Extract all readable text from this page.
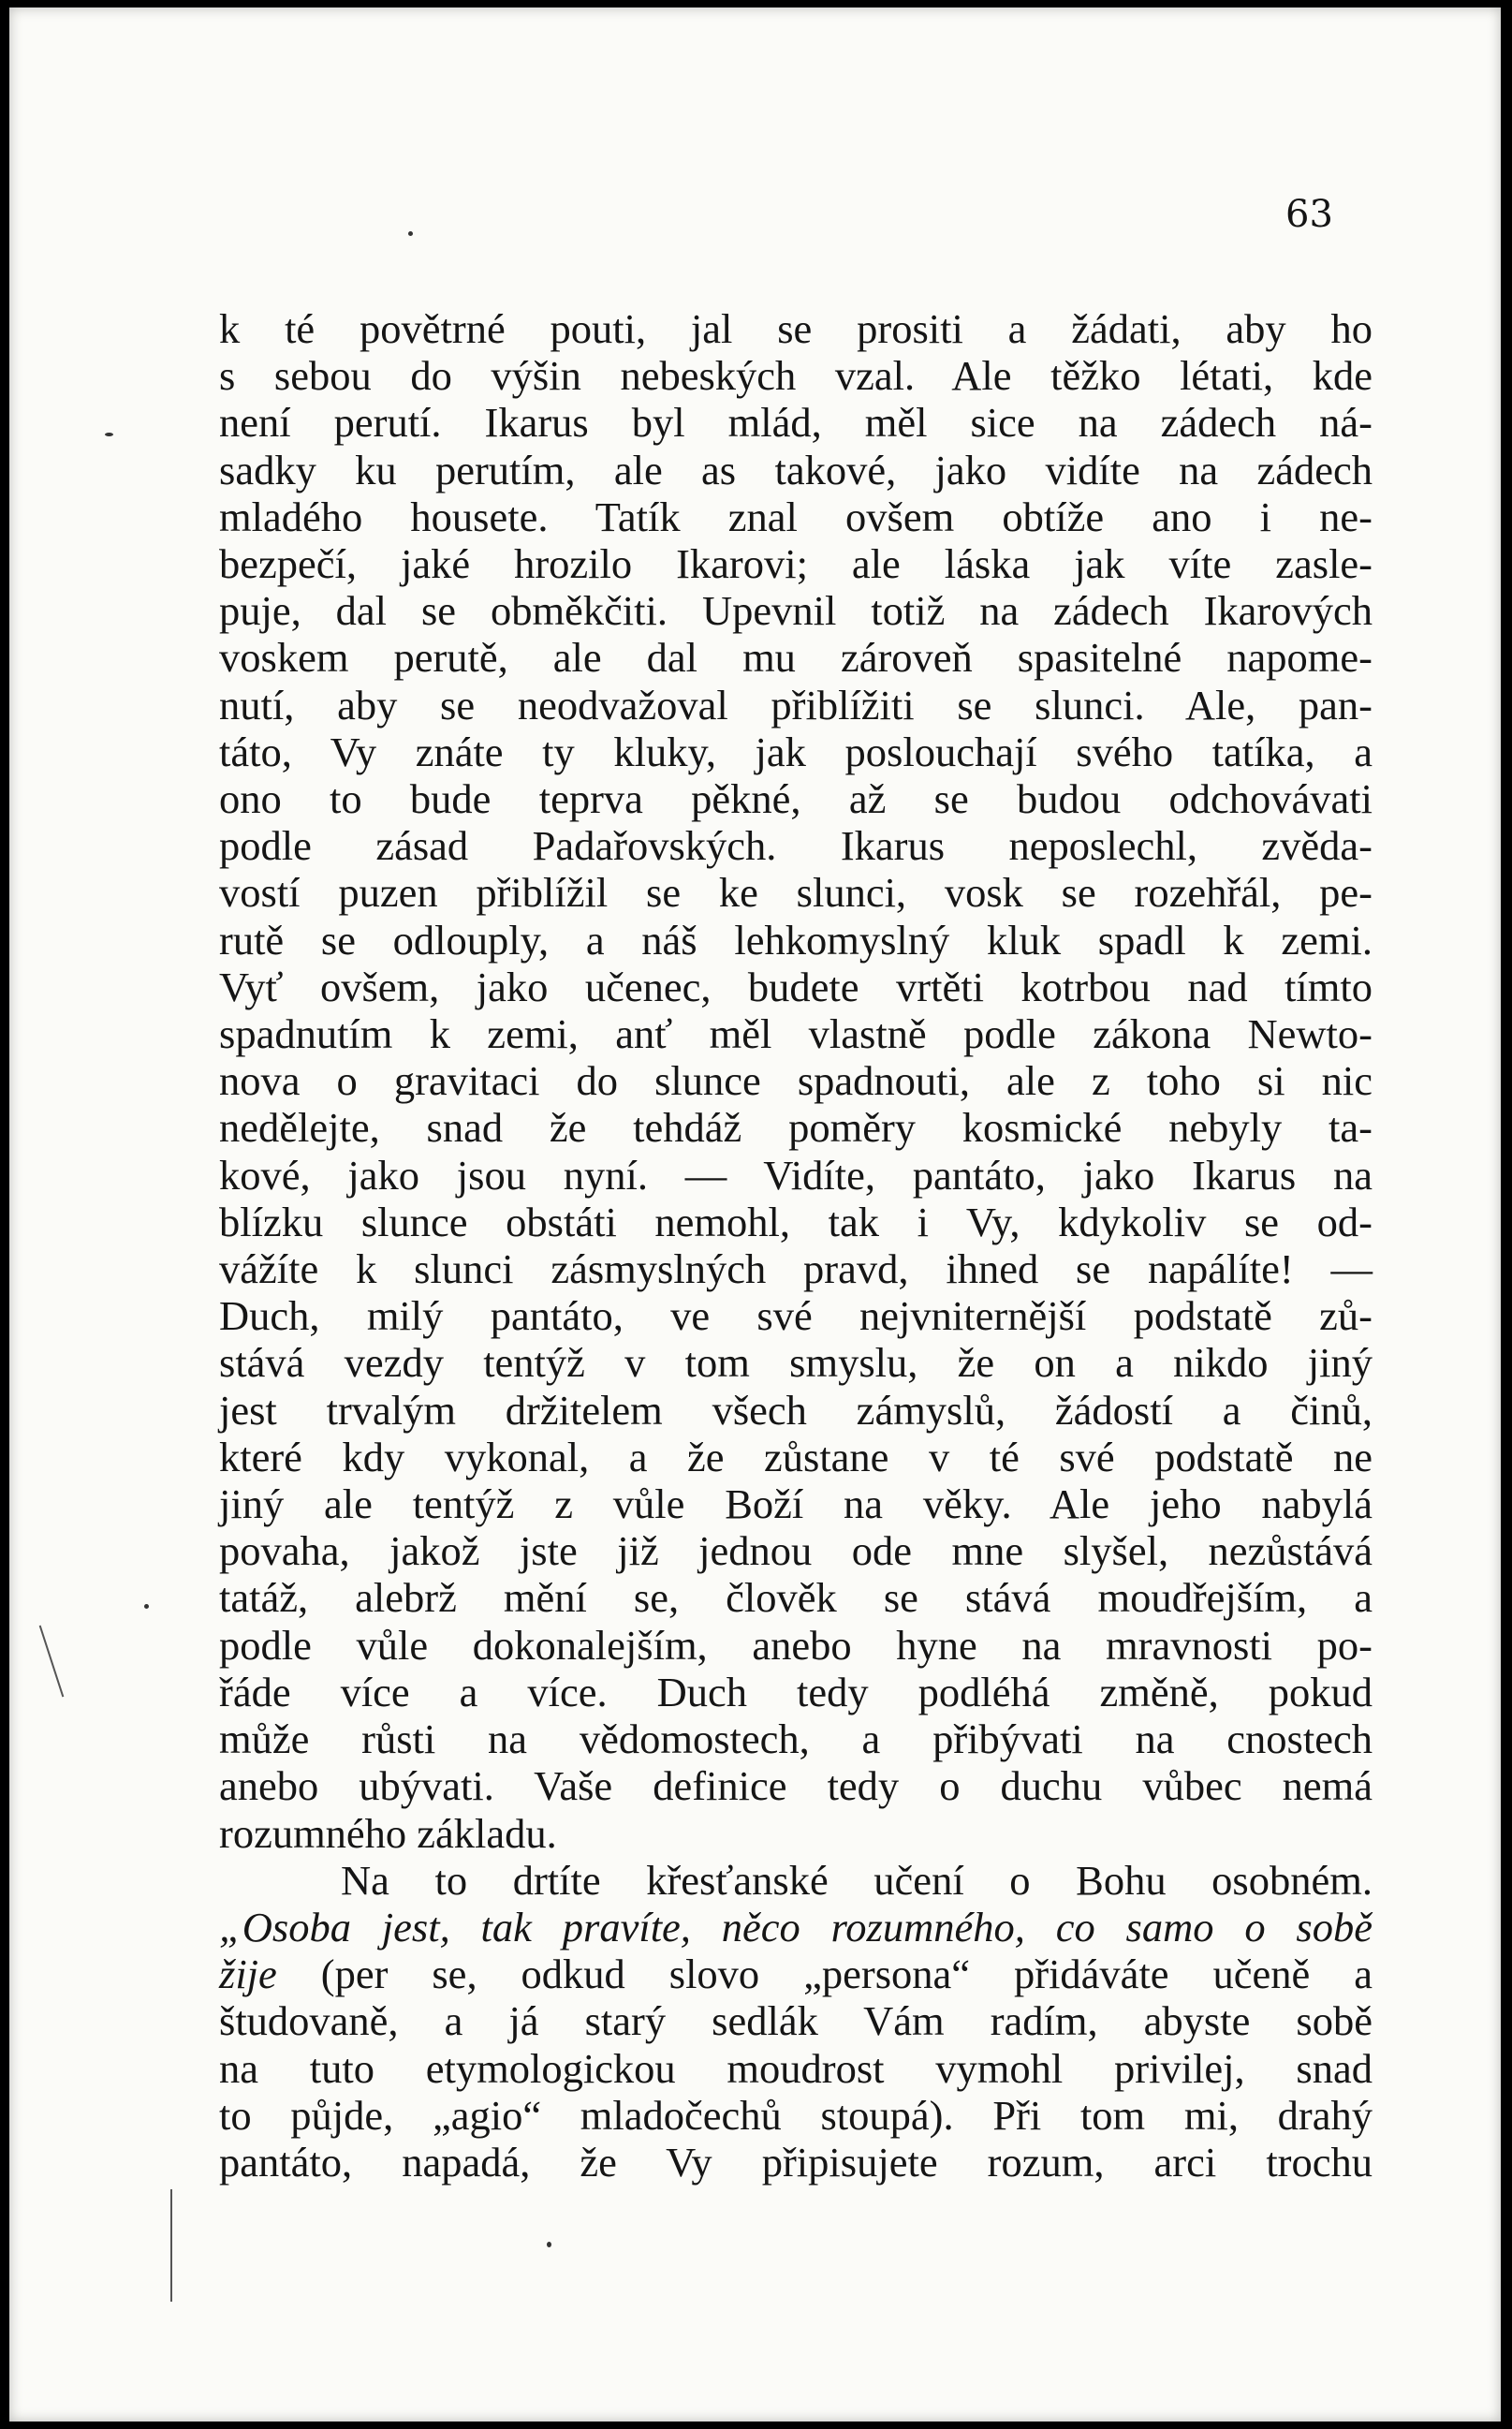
63
k té povětrné pouti, jal se prositi a žádati, aby ho
s sebou do výšin nebeských vzal. Ale těžko létati, kde
není perutí. Ikarus byl mlád, měl sice na zádech ná-
sadky ku perutím, ale as takové, jako vidíte na zádech
mladého housete. Tatík znal ovšem obtíže ano i ne-
bezpečí, jaké hrozilo Ikarovi; ale láska jak víte zasle-
puje, dal se obměkčiti. Upevnil totiž na zádech Ikarových
voskem perutě, ale dal mu zároveň spasitelné napome-
nutí, aby se neodvažoval přiblížiti se slunci. Ale, pan-
táto, Vy znáte ty kluky, jak poslouchají svého tatíka, a
ono to bude teprva pěkné, až se budou odchovávati
podle zásad Padařovských. Ikarus neposlechl, zvěda-
vostí puzen přiblížil se ke slunci, vosk se rozehřál, pe-
rutě se odlouply, a náš lehkomyslný kluk spadl k zemi.
Vyť ovšem, jako učenec, budete vrtěti kotrbou nad tímto
spadnutím k zemi, anť měl vlastně podle zákona Newto-
nova o gravitaci do slunce spadnouti, ale z toho si nic
nedělejte, snad že tehdáž poměry kosmické nebyly ta-
kové, jako jsou nyní. — Vidíte, pantáto, jako Ikarus na
blízku slunce obstáti nemohl, tak i Vy, kdykoliv se od-
vážíte k slunci zásmyslných pravd, ihned se napálíte! —
Duch, milý pantáto, ve své nejvniternější podstatě zů-
stává vezdy tentýž v tom smyslu, že on a nikdo jiný
jest trvalým držitelem všech zámyslů, žádostí a činů,
které kdy vykonal, a že zůstane v té své podstatě ne
jiný ale tentýž z vůle Boží na věky. Ale jeho nabylá
povaha, jakož jste již jednou ode mne slyšel, nezůstává
tatáž, alebrž mění se, člověk se stává moudřejším, a
podle vůle dokonalejším, anebo hyne na mravnosti po-
řáde více a více. Duch tedy podléhá změně, pokud
může růsti na vědomostech, a přibývati na cnostech
anebo ubývati. Vaše definice tedy o duchu vůbec nemá
rozumného základu.
Na to drtíte křesťanské učení o Bohu osobném.
„Osoba jest, tak pravíte, něco rozumného, co samo o sobě
žije (per se, odkud slovo „persona“ přidáváte učeně a
študovaně, a já starý sedlák Vám radím, abyste sobě
na tuto etymologickou moudrost vymohl privilej, snad
to půjde, „agio“ mladočechů stoupá). Při tom mi, drahý
pantáto, napadá, že Vy připisujete rozum, arci trochu
